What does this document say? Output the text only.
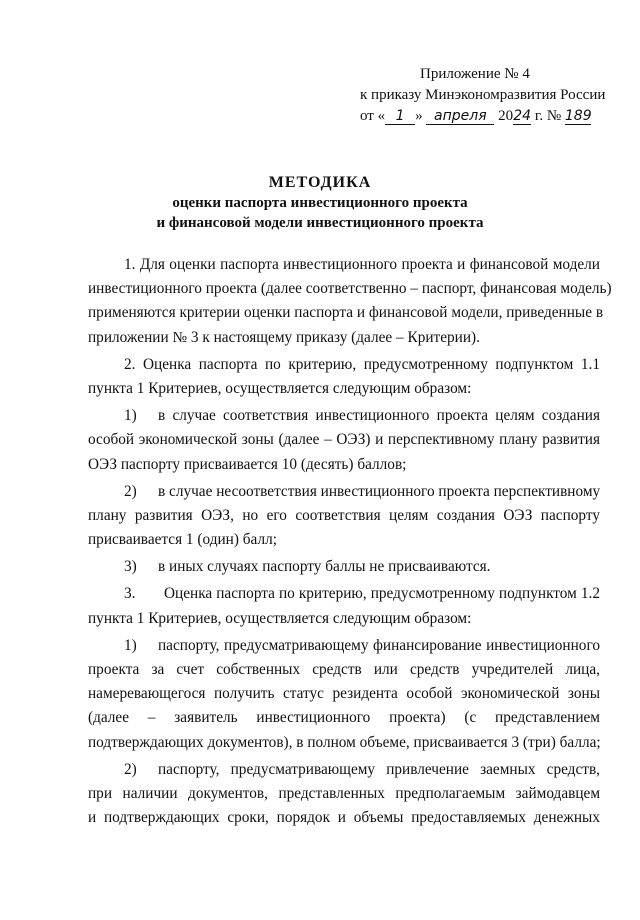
Приложение № 4
к приказу Минэкономразвития России
от « 1 » апреля 2024 г. № 189
МЕТОДИКА
оценки паспорта инвестиционного проекта
и финансовой модели инвестиционного проекта
1. Для оценки паспорта инвестиционного проекта и финансовой модели
инвестиционного проекта (далее соответственно – паспорт, финансовая модель)
применяются критерии оценки паспорта и финансовой модели, приведенные в
приложении № 3 к настоящему приказу (далее – Критерии).
2. Оценка паспорта по критерию, предусмотренному подпунктом 1.1
пункта 1 Критериев, осуществляется следующим образом:
1) в случае соответствия инвестиционного проекта целям создания
особой экономической зоны (далее – ОЭЗ) и перспективному плану развития
ОЭЗ паспорту присваивается 10 (десять) баллов;
2) в случае несоответствия инвестиционного проекта перспективному
плану развития ОЭЗ, но его соответствия целям создания ОЭЗ паспорту
присваивается 1 (один) балл;
3) в иных случаях паспорту баллы не присваиваются.
3. Оценка паспорта по критерию, предусмотренному подпунктом 1.2
пункта 1 Критериев, осуществляется следующим образом:
1) паспорту, предусматривающему финансирование инвестиционного
проекта за счет собственных средств или средств учредителей лица,
намеревающегося получить статус резидента особой экономической зоны
(далее – заявитель инвестиционного проекта) (с представлением
подтверждающих документов), в полном объеме, присваивается 3 (три) балла;
2) паспорту, предусматривающему привлечение заемных средств,
при наличии документов, представленных предполагаемым займодавцем
и подтверждающих сроки, порядок и объемы предоставляемых денежных
